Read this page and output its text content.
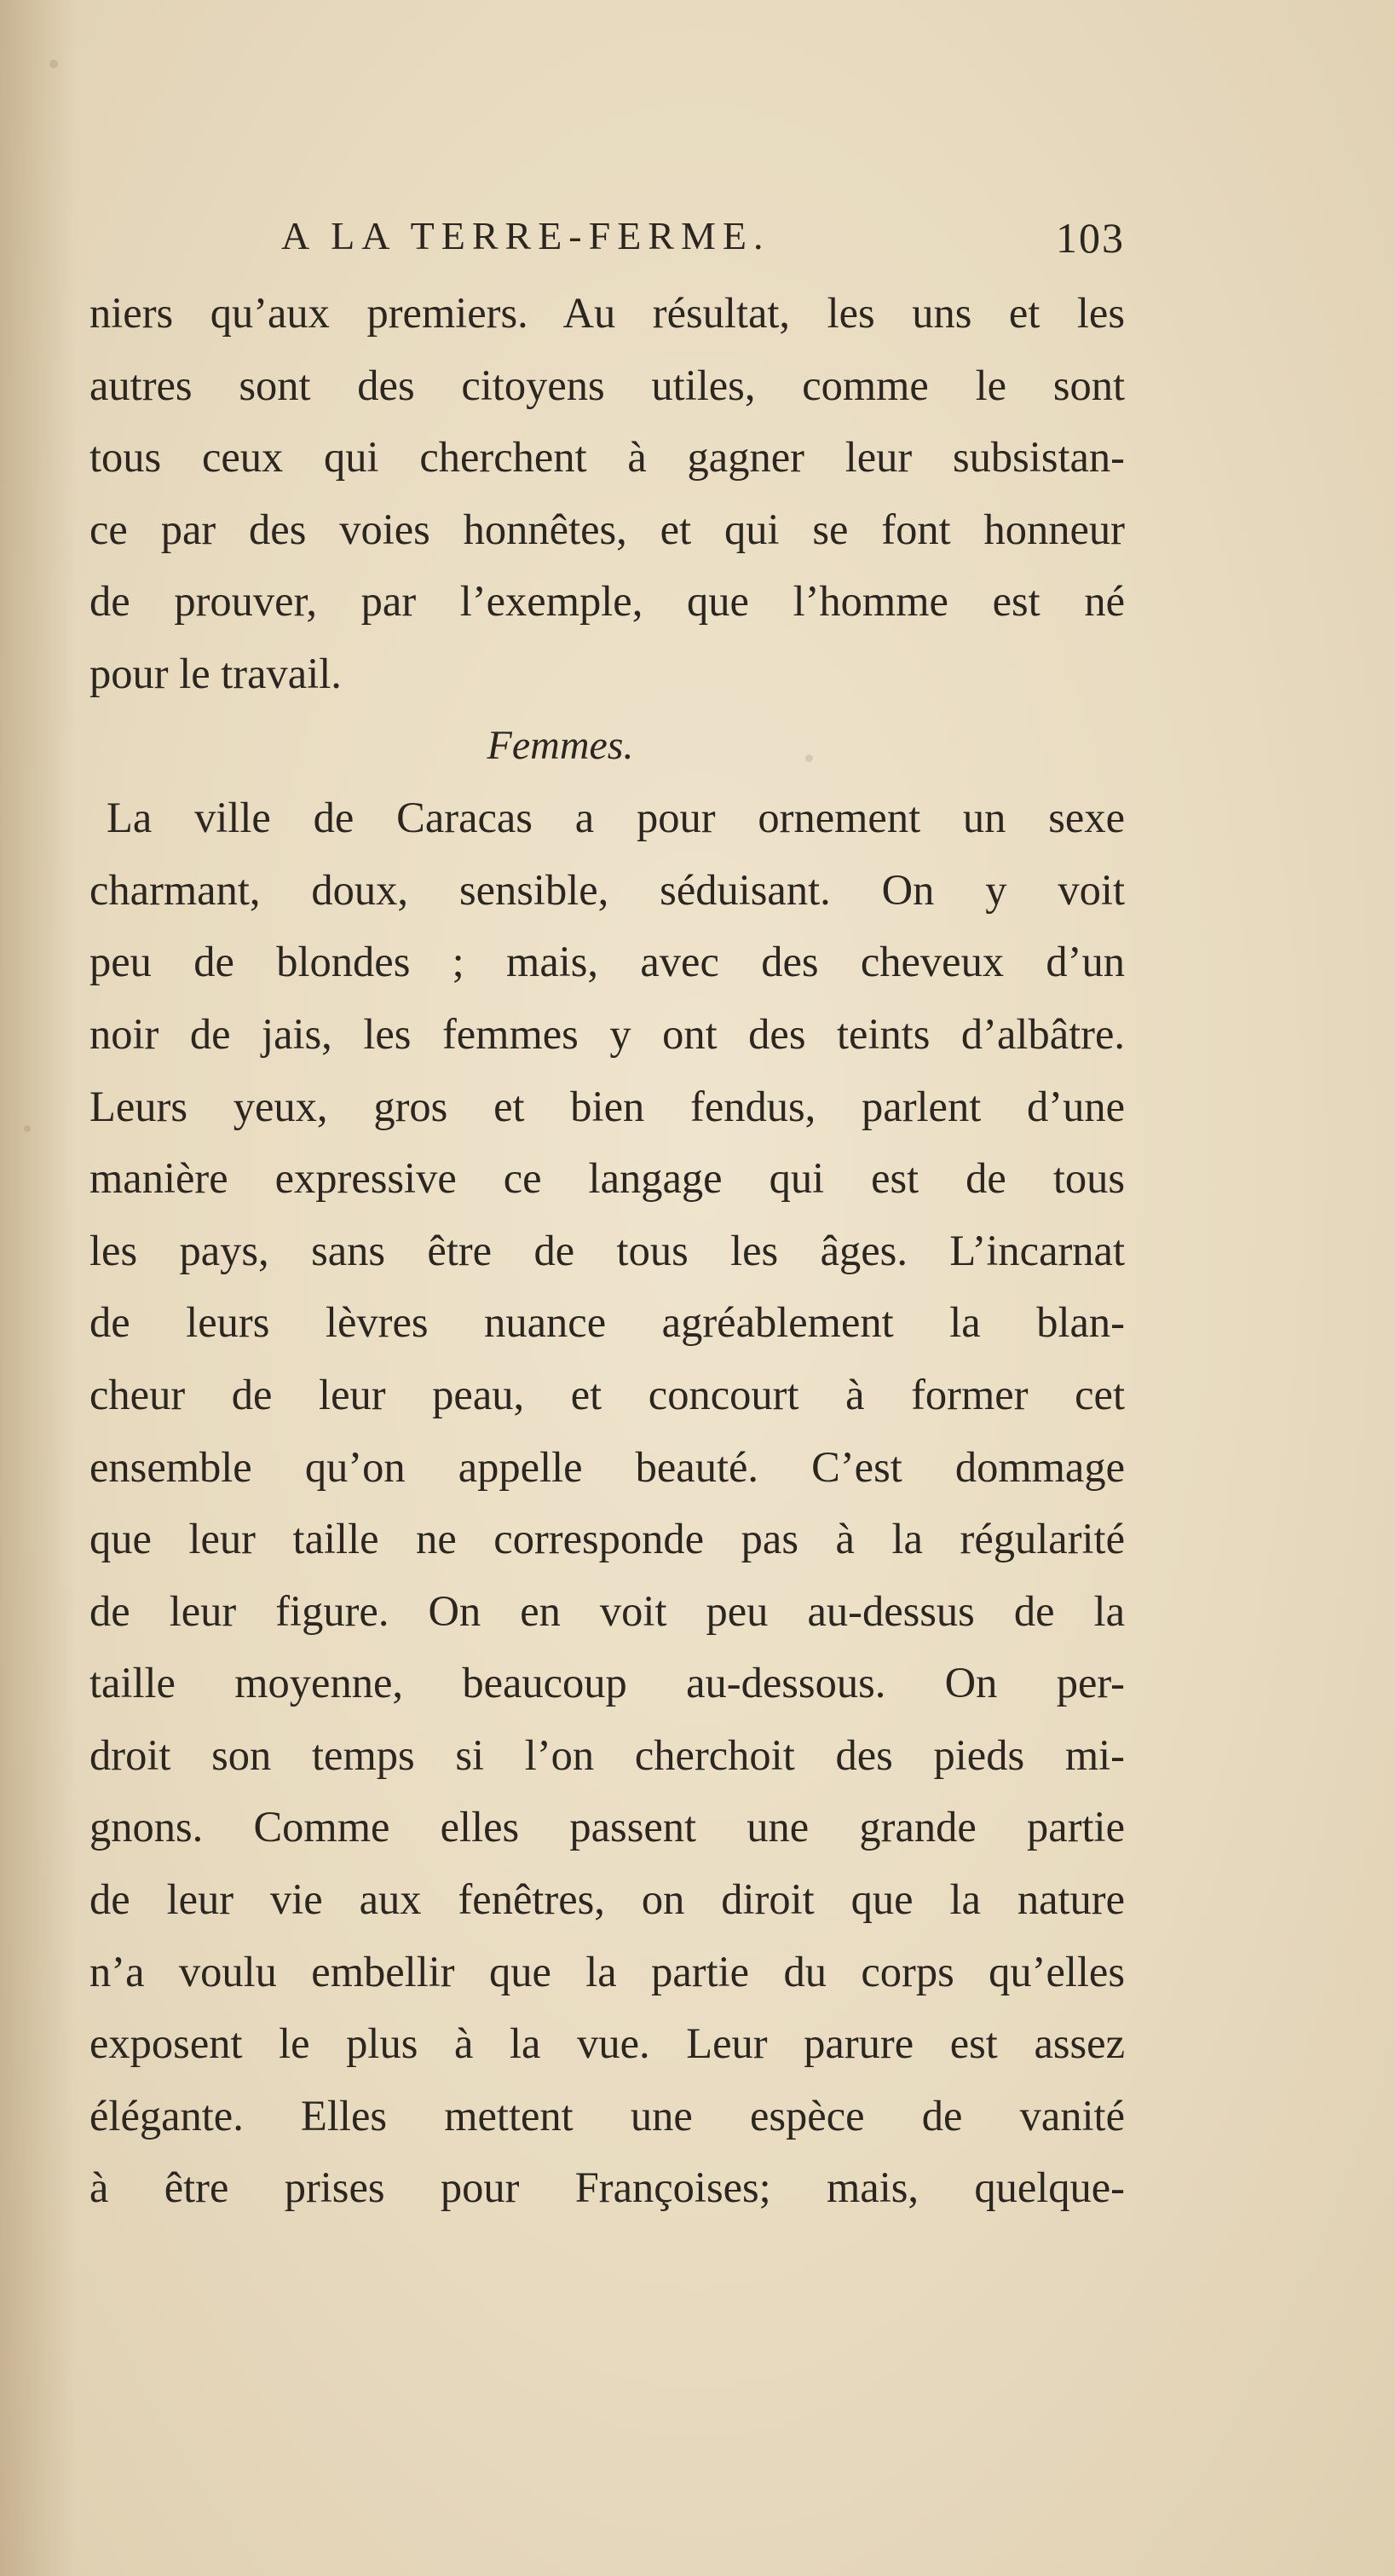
A LA TERRE-FERME.	103
niers qu’aux premiers. Au résultat, les uns et les
autres sont des citoyens utiles, comme le sont
tous ceux qui cherchent à gagner leur subsistan-
ce par des voies honnêtes, et qui se font honneur
de prouver, par l’exemple, que l’homme est né
pour le travail.
Femmes.
La ville de Caracas a pour ornement un sexe
charmant, doux, sensible, séduisant. On y voit
peu de blondes ; mais, avec des cheveux d’un
noir de jais, les femmes y ont des teints d’albâtre.
Leurs yeux, gros et bien fendus, parlent d’une
manière expressive ce langage qui est de tous
les pays, sans être de tous les âges. L’incarnat
de leurs lèvres nuance agréablement la blan-
cheur de leur peau, et concourt à former cet
ensemble qu’on appelle beauté. C’est dommage
que leur taille ne corresponde pas à la régularité
de leur figure. On en voit peu au-dessus de la
taille moyenne, beaucoup au-dessous. On per-
droit son temps si l’on cherchoit des pieds mi-
gnons. Comme elles passent une grande partie
de leur vie aux fenêtres, on diroit que la nature
n’a voulu embellir que la partie du corps qu’elles
exposent le plus à la vue. Leur parure est assez
élégante. Elles mettent une espèce de vanité
à être prises pour Françoises; mais, quelque-
